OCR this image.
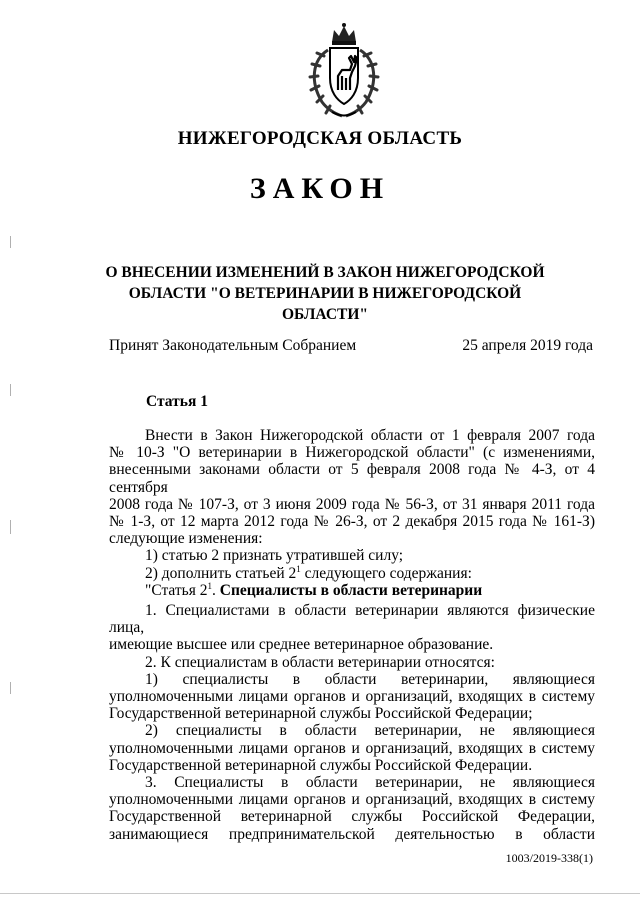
НИЖЕГОРОДСКАЯ ОБЛАСТЬ
ЗАКОН
О ВНЕСЕНИИ ИЗМЕНЕНИЙ В ЗАКОН НИЖЕГОРОДСКОЙ
ОБЛАСТИ "О ВЕТЕРИНАРИИ В НИЖЕГОРОДСКОЙ ОБЛАСТИ"
Принят Законодательным Собранием	25 апреля 2019 года
Статья 1
Внести в Закон Нижегородской области от 1 февраля 2007 года
№ 10-З "О ветеринарии в Нижегородской области" (с изменениями,
внесенными законами области от 5 февраля 2008 года № 4-З, от 4 сентября
2008 года № 107-З, от 3 июня 2009 года № 56-З, от 31 января 2011 года
№ 1-З, от 12 марта 2012 года № 26-З, от 2 декабря 2015 года № 161-З)
следующие изменения:
1) статью 2 признать утратившей силу;
2) дополнить статьей $2^1$ следующего содержания:
"Статья $2^1$. Специалисты в области ветеринарии
1. Специалистами в области ветеринарии являются физические лица,
имеющие высшее или среднее ветеринарное образование.
2. К специалистам в области ветеринарии относятся:
1) специалисты в области ветеринарии, являющиеся
уполномоченными лицами органов и организаций, входящих в систему
Государственной ветеринарной службы Российской Федерации;
2) специалисты в области ветеринарии, не являющиеся
уполномоченными лицами органов и организаций, входящих в систему
Государственной ветеринарной службы Российской Федерации.
3. Специалисты в области ветеринарии, не являющиеся
уполномоченными лицами органов и организаций, входящих в систему
Государственной ветеринарной службы Российской Федерации,
занимающиеся предпринимательской деятельностью в области
1003/2019-338(1)
